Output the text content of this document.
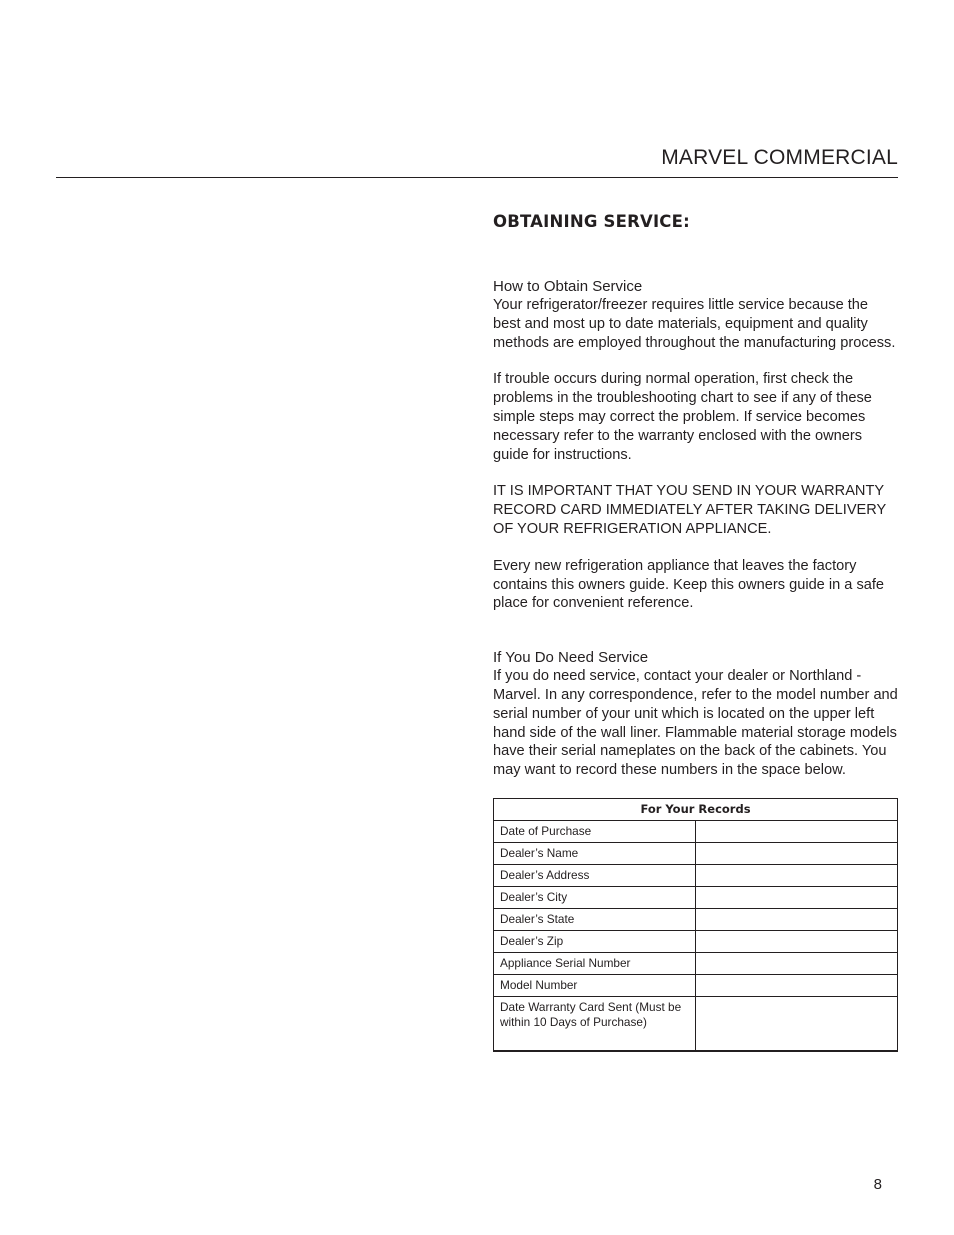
MARVEL COMMERCIAL
OBTAINING SERVICE:

How to Obtain Service

Your refrigerator/freezer requires little service because the best and most up to date materials, equipment and quality methods are employed throughout the manufacturing process.

If trouble occurs during normal operation, first check the problems in the troubleshooting chart to see if any of these simple steps may correct the problem. If service becomes necessary refer to the warranty enclosed with the owners guide for instructions.

IT IS IMPORTANT THAT YOU SEND IN YOUR WARRANTY RECORD CARD IMMEDIATELY AFTER TAKING DELIVERY OF YOUR REFRIGERATION APPLIANCE.

Every new refrigeration appliance that leaves the factory contains this owners guide. Keep this owners guide in a safe place for convenient reference.

If You Do Need Service

If you do need service, contact your dealer or Northland - Marvel. In any correspondence, refer to the model number and serial number of your unit which is located on the upper left hand side of the wall liner. Flammable material storage models have their serial nameplates on the back of the cabinets. You may want to record these numbers in the space below.

For Your Records	
Date of Purchase	
Dealer’s Name	
Dealer’s Address	
Dealer’s City	
Dealer’s State	
Dealer’s Zip	
Appliance Serial Number	
Model Number	
Date Warranty Card Sent (Must be within 10 Days of Purchase)	
8
